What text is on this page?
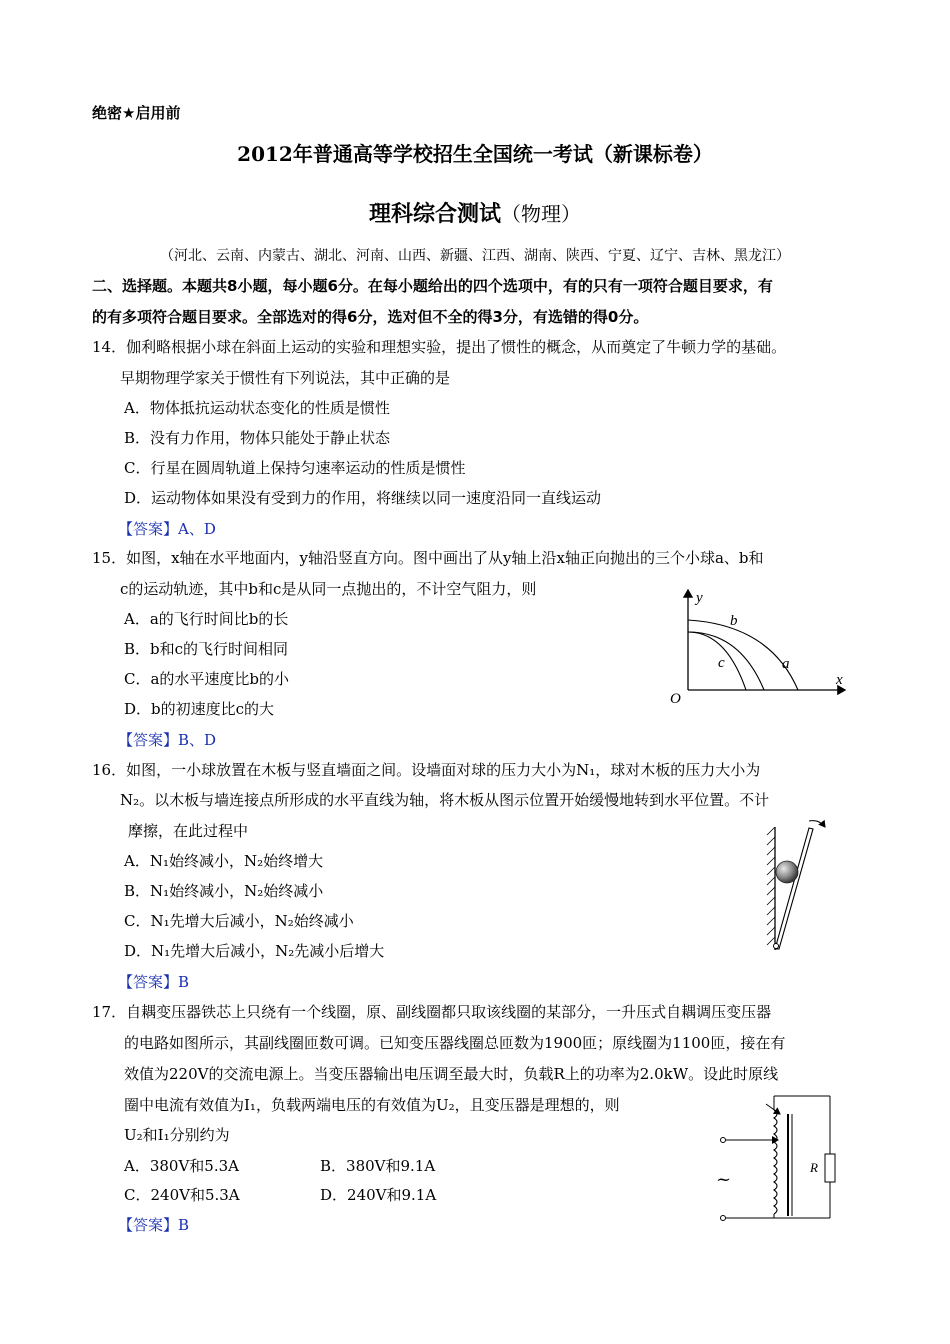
绝密★启用前
2012年普通高等学校招生全国统一考试（新课标卷）
理科综合测试（物理）
（河北、云南、内蒙古、湖北、河南、山西、新疆、江西、湖南、陕西、宁夏、辽宁、吉林、黑龙江）
二、选择题。本题共8小题，每小题6分。在每小题给出的四个选项中，有的只有一项符合题目要求，有
的有多项符合题目要求。全部选对的得6分，选对但不全的得3分，有选错的得0分。
14．伽利略根据小球在斜面上运动的实验和理想实验，提出了惯性的概念，从而奠定了牛顿力学的基础。
早期物理学家关于惯性有下列说法，其中正确的是
A．物体抵抗运动状态变化的性质是惯性
B．没有力作用，物体只能处于静止状态
C．行星在圆周轨道上保持匀速率运动的性质是惯性
D．运动物体如果没有受到力的作用，将继续以同一速度沿同一直线运动
【答案】A、D
15．如图，x轴在水平地面内，y轴沿竖直方向。图中画出了从y轴上沿x轴正向抛出的三个小球a、b和
c的运动轨迹，其中b和c是从同一点抛出的，不计空气阻力，则
A．a的飞行时间比b的长
B．b和c的飞行时间相同
C．a的水平速度比b的小
D．b的初速度比c的大
【答案】B、D
y
x
O
b
c	a
16．如图，一小球放置在木板与竖直墙面之间。设墙面对球的压力大小为N₁，球对木板的压力大小为
N₂。以木板与墙连接点所形成的水平直线为轴，将木板从图示位置开始缓慢地转到水平位置。不计
摩擦，在此过程中
A．N₁始终减小，N₂始终增大
B．N₁始终减小，N₂始终减小
C．N₁先增大后减小，N₂始终减小
D．N₁先增大后减小，N₂先减小后增大
【答案】B
17．自耦变压器铁芯上只绕有一个线圈，原、副线圈都只取该线圈的某部分，一升压式自耦调压变压器
的电路如图所示，其副线圈匝数可调。已知变压器线圈总匝数为1900匝；原线圈为1100匝，接在有
效值为220V的交流电源上。当变压器输出电压调至最大时，负载R上的功率为2.0kW。设此时原线
圈中电流有效值为I₁，负载两端电压的有效值为U₂，且变压器是理想的，则
U₂和I₁分别约为
A．380V和5.3A	B．380V和9.1A
C．240V和5.3A	D．240V和9.1A
【答案】B
~
R
